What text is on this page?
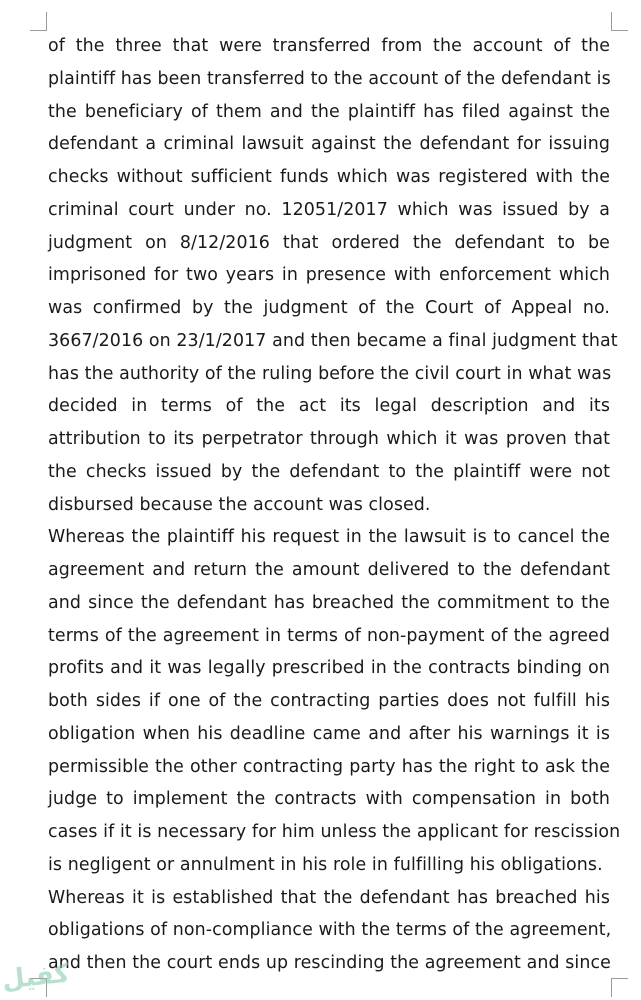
of the three that were transferred from the account of the
plaintiff has been transferred to the account of the defendant is
the beneficiary of them and the plaintiff has filed against the
defendant a criminal lawsuit against the defendant for issuing
checks without sufficient funds which was registered with the
criminal court under no. 12051/2017 which was issued by a
judgment on 8/12/2016 that ordered the defendant to be
imprisoned for two years in presence with enforcement which
was confirmed by the judgment of the Court of Appeal no.
3667/2016 on 23/1/2017 and then became a final judgment that
has the authority of the ruling before the civil court in what was
decided in terms of the act its legal description and its
attribution to its perpetrator through which it was proven that
the checks issued by the defendant to the plaintiff were not
disbursed because the account was closed.
Whereas the plaintiff his request in the lawsuit is to cancel the
agreement and return the amount delivered to the defendant
and since the defendant has breached the commitment to the
terms of the agreement in terms of non-payment of the agreed
profits and it was legally prescribed in the contracts binding on
both sides if one of the contracting parties does not fulfill his
obligation when his deadline came and after his warnings it is
permissible the other contracting party has the right to ask the
judge to implement the contracts with compensation in both
cases if it is necessary for him unless the applicant for rescission
is negligent or annulment in his role in fulfilling his obligations.
Whereas it is established that the defendant has breached his
obligations of non-compliance with the terms of the agreement,
and then the court ends up rescinding the agreement and since
كفيل
